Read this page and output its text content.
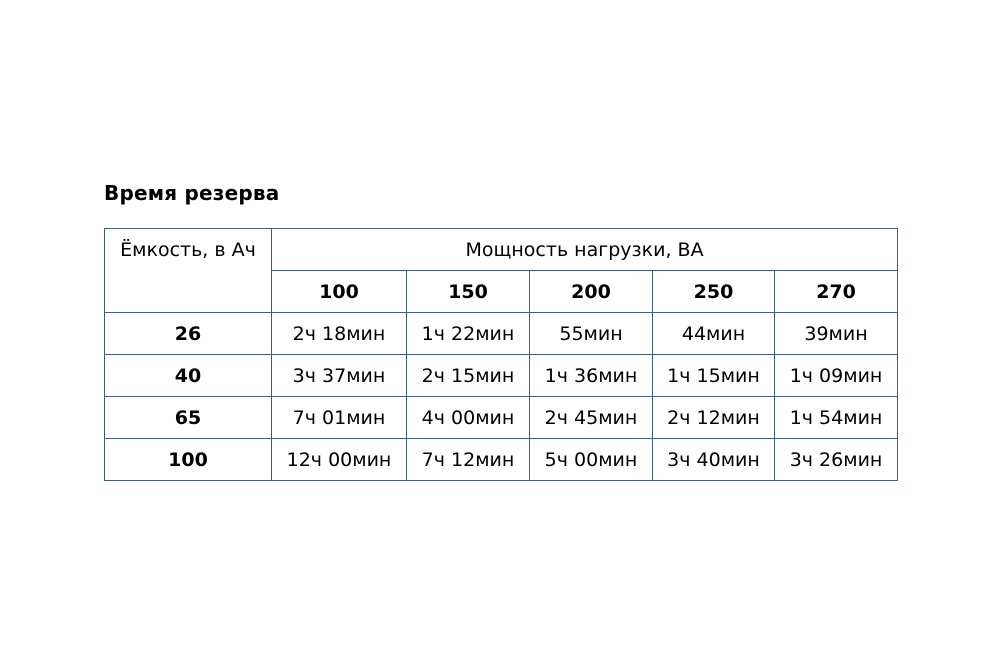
Время резерва
Ёмкость, в Ач	Мощность нагрузки, ВА				
	100	150	200	250	270
26	2ч 18мин	1ч 22мин	55мин	44мин	39мин
40	3ч 37мин	2ч 15мин	1ч 36мин	1ч 15мин	1ч 09мин
65	7ч 01мин	4ч 00мин	2ч 45мин	2ч 12мин	1ч 54мин
100	12ч 00мин	7ч 12мин	5ч 00мин	3ч 40мин	3ч 26мин
